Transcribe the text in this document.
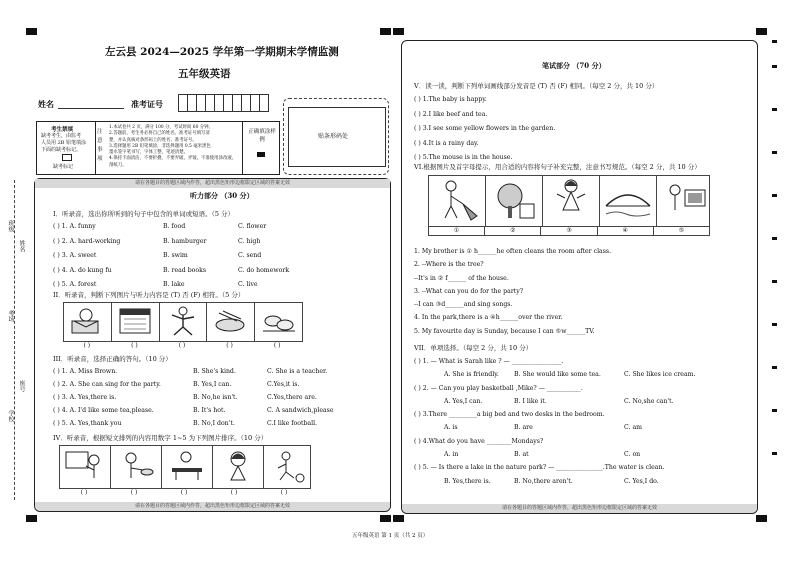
班级
考场
学校
姓名
座号
左云县 2024—2025 学年第一学期期末学情监测
五年级英语
姓名	准考证号
贴条形码处
考生禁填
缺考考生，由监考
人员用 2B 铅笔填涂
下面的缺考标记。
缺考标记
注意事项
1.本试卷共 2 页，满分 100 分，考试时间 60 分钟。
2.答题前，考生务必将自己的姓名、准考证号填写清
楚，并认真核对条形码上的姓名、准考证号。
3.选择题用 2B 铅笔填涂，非选择题用 0.5 毫米黑色
墨水签字笔书写，字体工整，笔迹清楚。
4.保持卡面清洁，不要折叠、不要弄破、弄皱，不准使用涂改液、
刮纸刀。
正确填涂样例
请在各题目的答题区域内作答，超出黑色矩形边框限定区域的答案无效
听力部分 （30 分）
I．听录音，选出你所听到的句子中包含的单词或短语。（5 分）
( ) 1. A. funny	B. food	C. flower
( ) 2. A. hard-working	B. hamburger	C. high
( ) 3. A. sweet	B. swim	C. send
( ) 4. A. do kung fu	B. read books	C. do homework
( ) 5. A. forest	B. lake	C. live
II．听录音，判断下列图片与听力内容是 (T) 否 (F) 相符。（5 分）
( )	( )	( )	( )	( )
III．听录音，选择正确的答句。（10 分）
( ) 1. A. Miss Brown.	B. She's kind.	C. She is a teacher.
( ) 2. A. She can sing for the party.	B. Yes,I can.	C.Yes,it is.
( ) 3. A. Yes,there is.	B. No,he isn't.	C.Yes,there are.
( ) 4. A. I'd like some tea,please.	B. It's hot.	C. A sandwich,please
( ) 5. A. Yes,thank you	B. No,I don't.	C.I like football.
IV．听录音，根据短文排列的内容用数字 1~5 为下列图片排序。（10 分）
( )	( )	( )	( )	( )
请在各题目的答题区域内作答，超出黑色矩形边框限定区域的答案无效
笔试部分 （70 分）
V．读一读，判断下列单词画线部分发音是 (T) 否 (F) 相同。（每空 2 分，共 10 分）
( ) 1.The baby is happy.
( ) 2.I like beef and tea.
( ) 3.I see some yellow flowers in the garden.
( ) 4.It is a rainy day.
( ) 5.The mouse is in the house.
VI.根据图片及首字母提示，用合适的内容将句子补充完整，注意书写规范。（每空 2 分，共 10 分）
①	②	③	④	⑤
1. My brother is ① h______he often cleans the room after class.
2. --Where is the tree?
--It's in ② f______ of the house.
3. --What can you do for the party?
--I can ③d______and sing songs.
4. In the park,there is a ④h______over the river.
5. My favourite day is Sunday, because I can ⑤w______TV.
VII．单项选择。（每空 2 分，共 10 分）
( ) 1. — What is Sarah like ? — ________________.
A. She is friendly.	B. She would like some tea.	C. She likes ice cream.
( ) 2. — Can you play basketball ,Mike? — ___________.
A. Yes,I can.	B. I like it.	C. No,she can't.
( ) 3.There _________a big bed and two desks in the bedroom.
A. is	B. are	C. am
( ) 4.What do you have ________Mondays?
A. in	B. at	C. on
( ) 5. — Is there a lake in the nature park? — _______________.The water is clean.
B. Yes,there is.	B. No,there aren't.	C. Yes,I do.
请在各题目的答题区域内作答，超出黑色矩形边框限定区域的答案无效
五年级英语 第 1 页（共 2 页）
